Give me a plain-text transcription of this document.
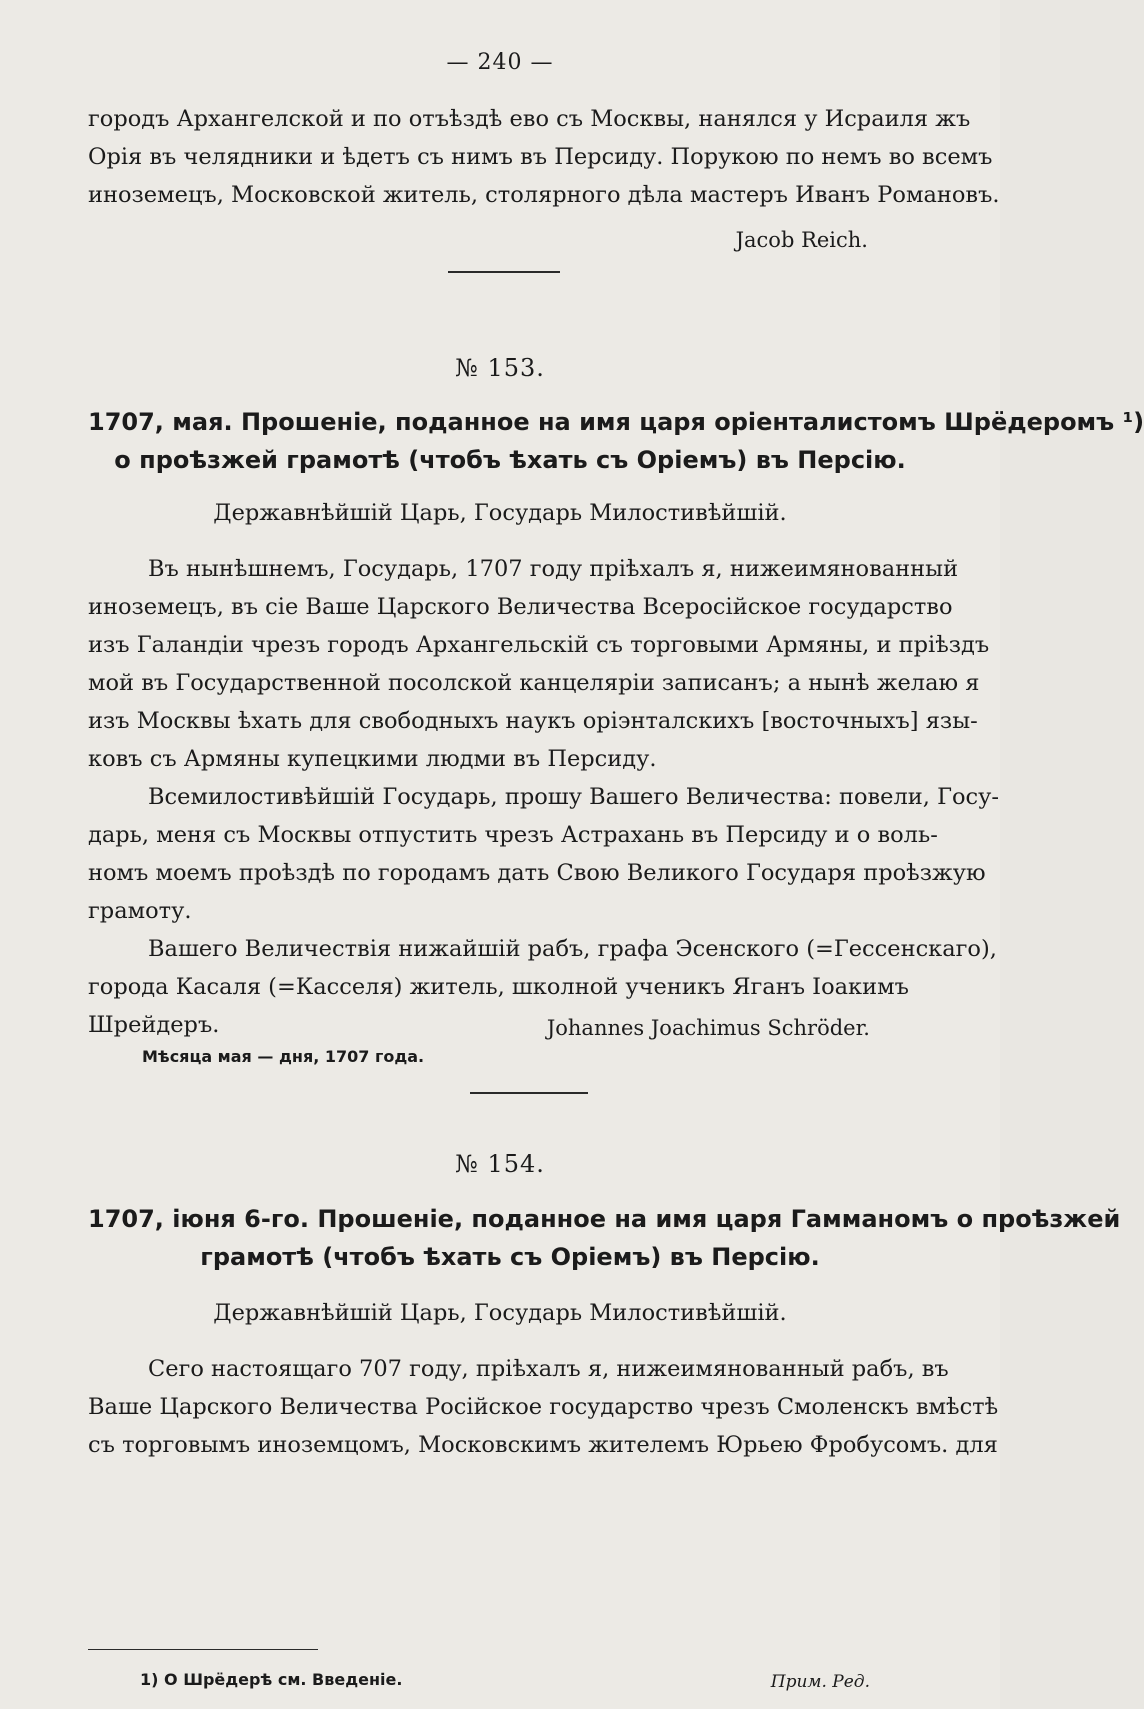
— 240 —
городъ Архангелской и по отъѣздѣ ево съ Москвы, нанялся у Исраиля жъ
Орія въ челядники и ѣдетъ съ нимъ въ Персиду. Порукою по немъ во всемъ
иноземецъ, Московской житель, столярного дѣла мастеръ Иванъ Романовъ.
Jacob Reich.
№ 153.
1707, мая. Прошеніе, поданное на имя царя оріенталистомъ Шрёдеромъ ¹)
о проѣзжей грамотѣ (чтобъ ѣхать съ Оріемъ) въ Персію.
Державнѣйшій Царь, Государь Милостивѣйшій.
Въ нынѣшнемъ, Государь, 1707 году пріѣхалъ я, нижеимянованный
иноземецъ, въ сіе Ваше Царского Величества Всеросійское государство
изъ Галандіи чрезъ городъ Архангельскій съ торговыми Армяны, и пріѣздъ
мой въ Государственной посолской канцеляріи записанъ; а нынѣ желаю я
изъ Москвы ѣхать для свободныхъ наукъ оріэнталскихъ [восточныхъ] язы-
ковъ съ Армяны купецкими людми въ Персиду.
Всемилостивѣйшій Государь, прошу Вашего Величества: повели, Госу-
дарь, меня съ Москвы отпустить чрезъ Астрахань въ Персиду и о воль-
номъ моемъ проѣздѣ по городамъ дать Свою Великого Государя проѣзжую
грамоту.
Вашего Величествія нижайшій рабъ, графа Эсенского (=Гессенскаго),
города Касаля (=Касселя) житель, школной ученикъ Яганъ Іоакимъ
Шрейдеръ.	Johannes Joachimus Schröder.
Мѣсяца мая — дня, 1707 года.
№ 154.
1707, іюня 6-го. Прошеніе, поданное на имя царя Гамманомъ о проѣзжей
грамотѣ (чтобъ ѣхать съ Оріемъ) въ Персію.
Державнѣйшій Царь, Государь Милостивѣйшій.
Сего настоящаго 707 году, пріѣхалъ я, нижеимянованный рабъ, въ
Ваше Царского Величества Російское государство чрезъ Смоленскъ вмѣстѣ
съ торговымъ иноземцомъ, Московскимъ жителемъ Юрьею Фробусомъ. для
1) О Шрёдерѣ см. Введеніе.	Прим. Ред.
